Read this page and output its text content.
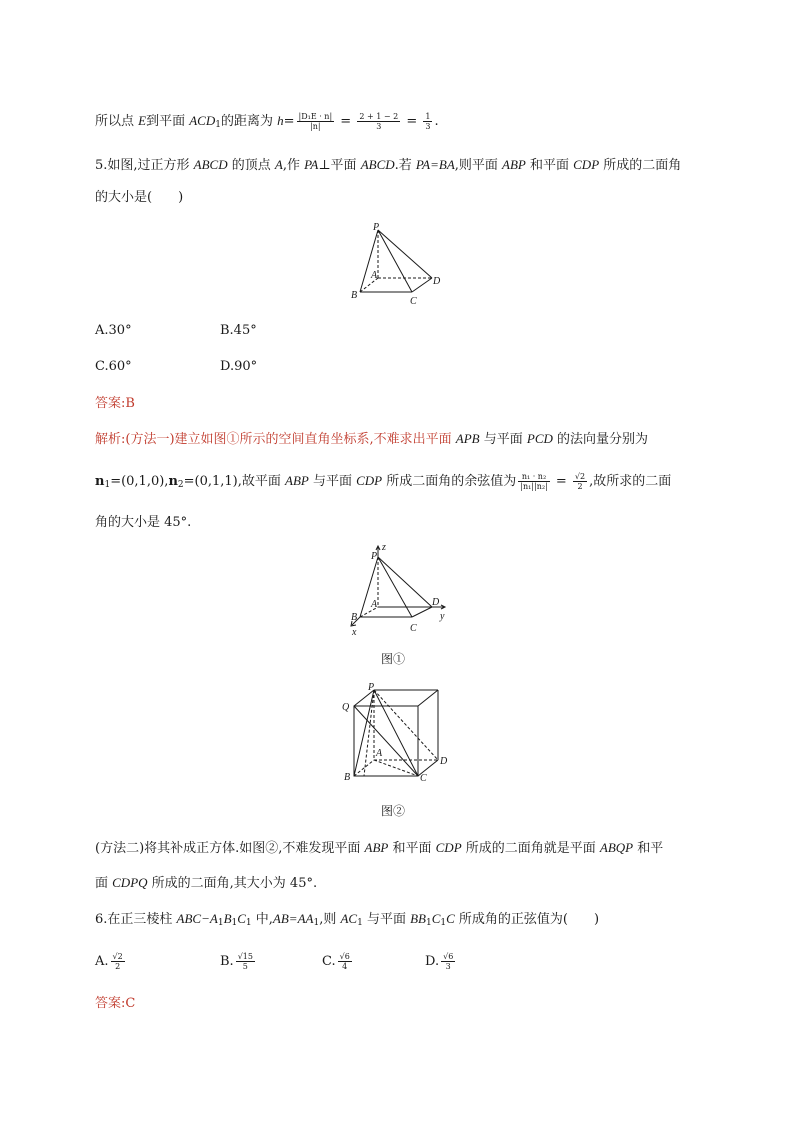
所以点 E到平面 $ACD_1$的距离为 $h= \frac{\text{|D₁E · n|}}{|n|} = \frac{2 + 1 - 2}{3} = \frac{1}{3}$ .
5.如图,过正方形 ABCD 的顶点 A,作 PA⊥平面 ABCD.若 PA=BA,则平面 ABP 和平面 CDP 所成的二面角
的大小是(　　)
P
A
B
C
D
A.30°	B.45°
C.60°	D.90°
答案:B
解析:(方法一)建立如图①所示的空间直角坐标系,不难求出平面 APB 与平面 PCD 的法向量分别为
$n_1=(0,1,0),n_2=(0,1,1)$,故平面 ABP 与平面 CDP 所成二面角的余弦值为 $\frac{\text{n₁ · n₂}}{\text{|n₁||n₂|}} = \frac{√2}{2}$ ,故所求的二面
角的大小是 45°.
P
z
A
B
C
D
x
y
图①
P
Q
A
B	C
D
图②
(方法二)将其补成正方体.如图②,不难发现平面 ABP 和平面 CDP 所成的二面角就是平面 ABQP 和平
面 CDPQ 所成的二面角,其大小为 45°.
6.在正三棱柱 $ABC-A_1B_1C_1$ 中$,AB=AA_1$,则 $AC_1$ 与平面 $BB_1C_1C$ 所成角的正弦值为(　　)
A. $\frac{√2}{2}$	B. $\frac{√15}{5}$	C. $\frac{√6}{4}$	D. $\frac{√6}{3}$
答案:C
